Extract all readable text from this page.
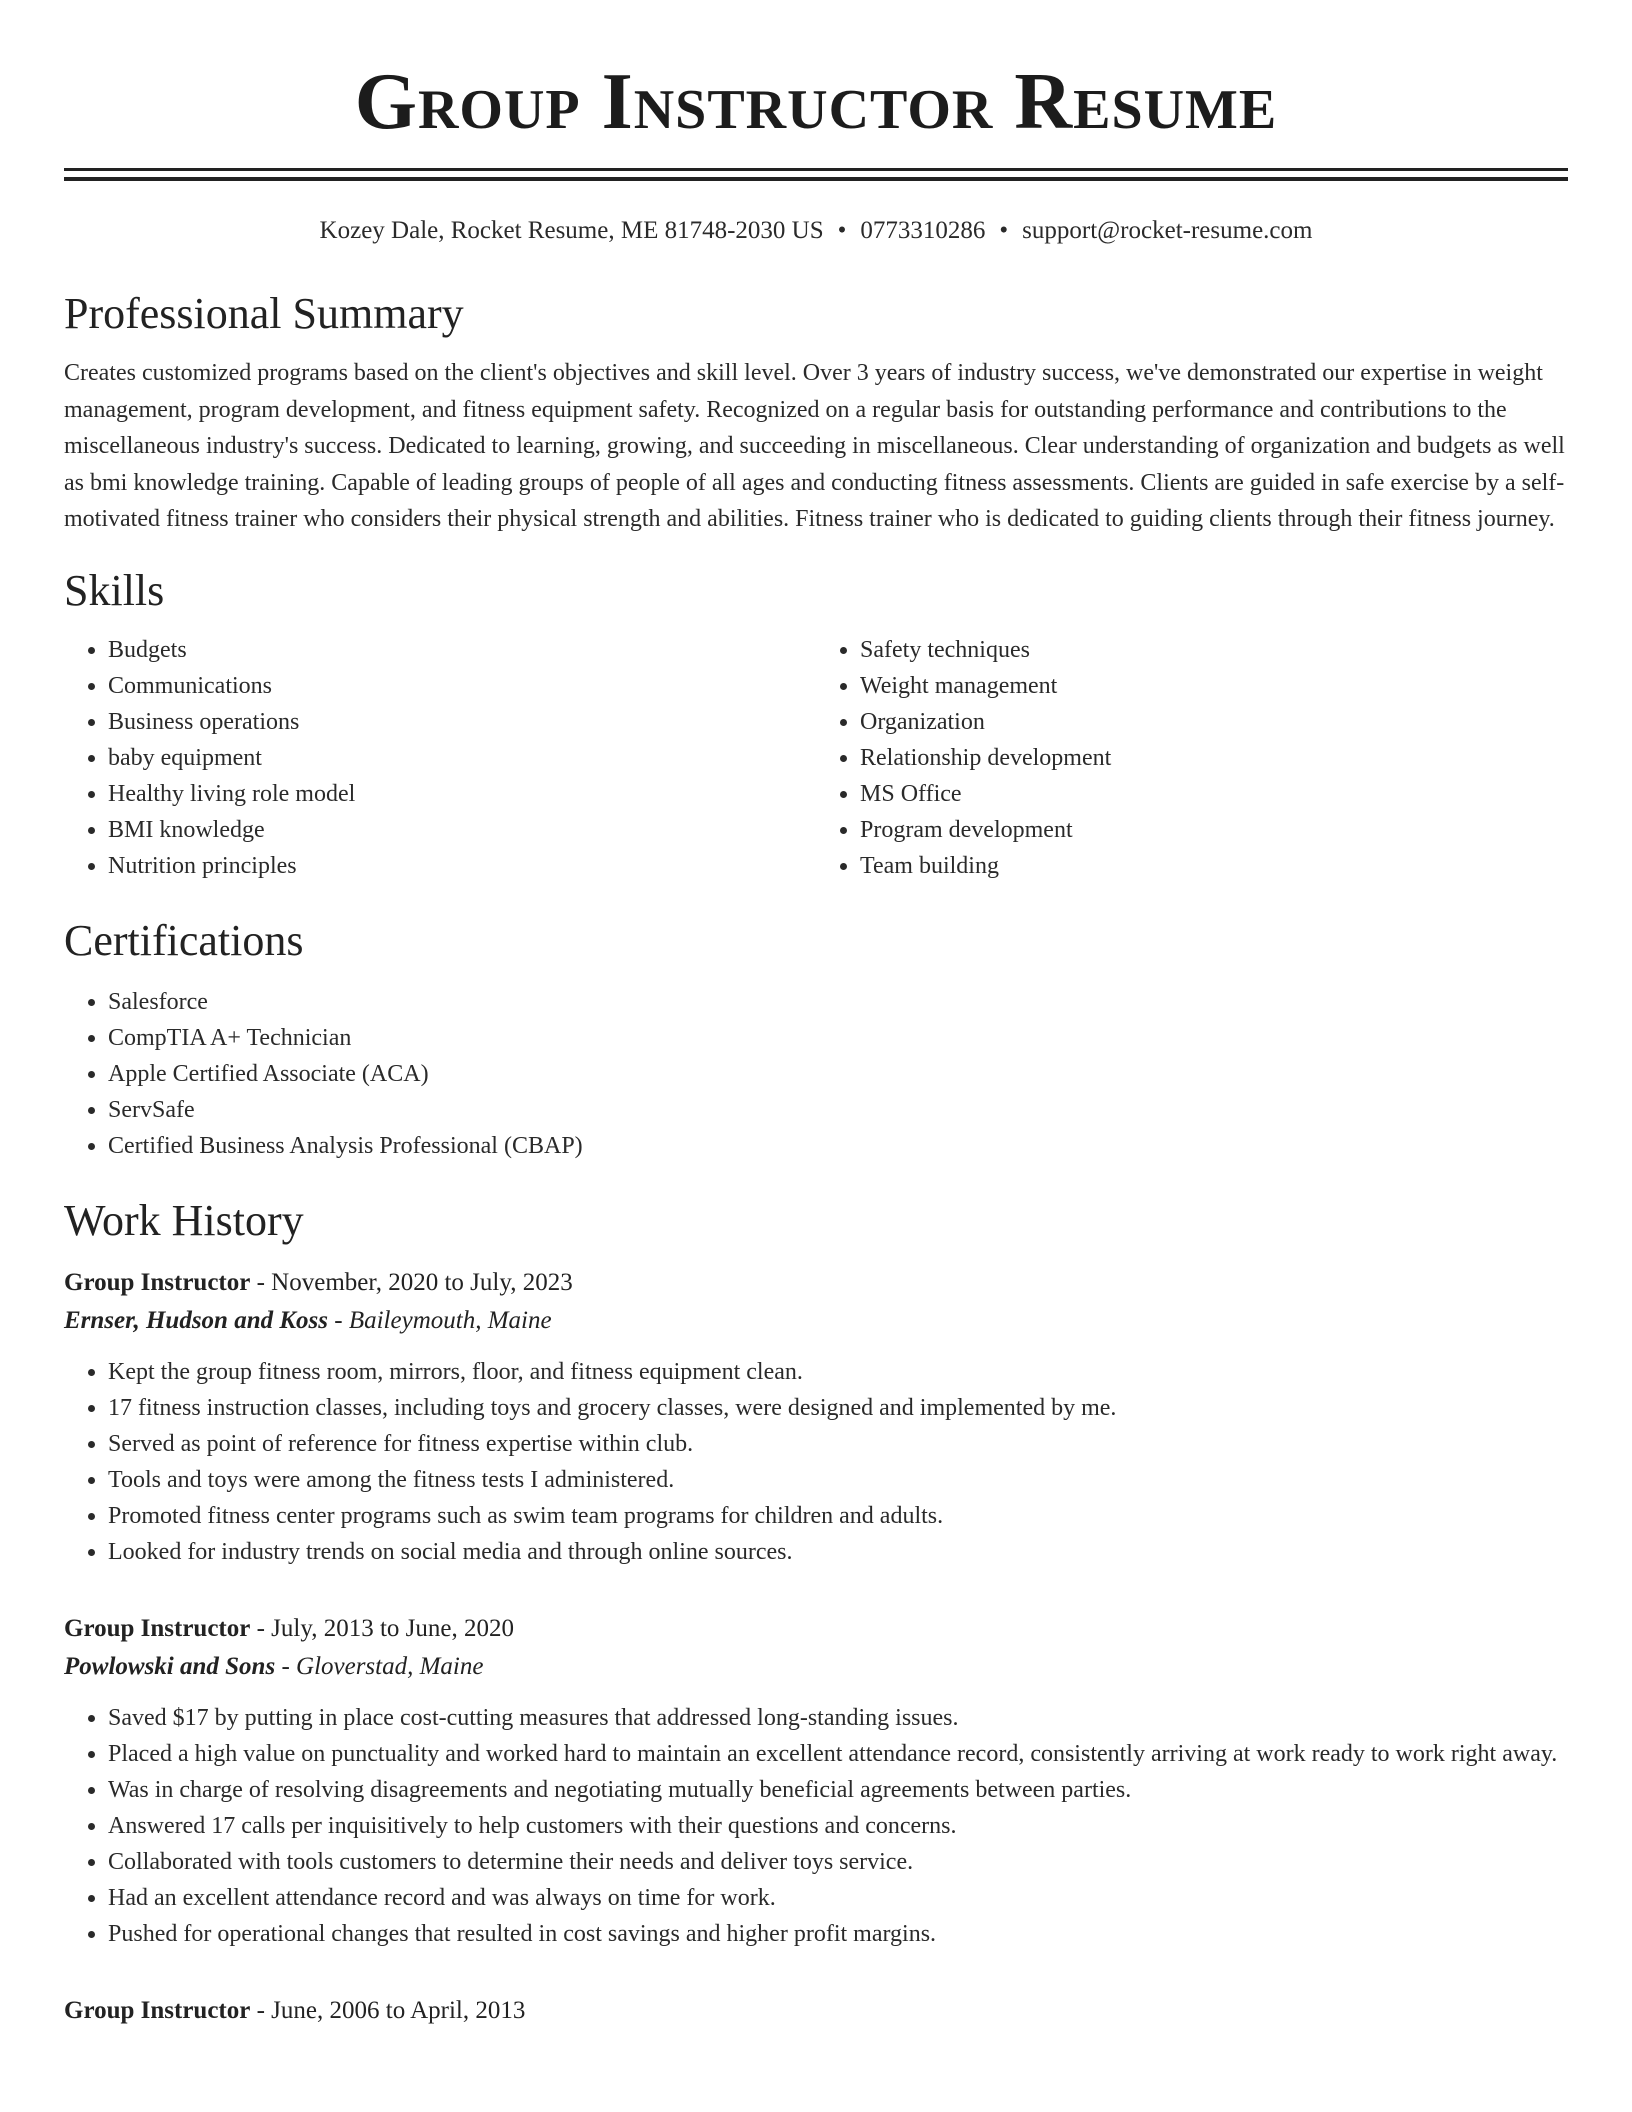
Group Instructor Resume
Kozey Dale, Rocket Resume, ME 81748-2030 US • 0773310286 • support@rocket-resume.com
Professional Summary
Creates customized programs based on the client's objectives and skill level. Over 3 years of industry success, we've demonstrated our expertise in weight management, program development, and fitness equipment safety. Recognized on a regular basis for outstanding performance and contributions to the miscellaneous industry's success. Dedicated to learning, growing, and succeeding in miscellaneous. Clear understanding of organization and budgets as well as bmi knowledge training. Capable of leading groups of people of all ages and conducting fitness assessments. Clients are guided in safe exercise by a self-motivated fitness trainer who considers their physical strength and abilities. Fitness trainer who is dedicated to guiding clients through their fitness journey.
Skills
• Budgets
• Communications
• Business operations
• baby equipment
• Healthy living role model
• BMI knowledge
• Nutrition principles
• Safety techniques
• Weight management
• Organization
• Relationship development
• MS Office
• Program development
• Team building
Certifications
• Salesforce
• CompTIA A+ Technician
• Apple Certified Associate (ACA)
• ServSafe
• Certified Business Analysis Professional (CBAP)
Work History
Group Instructor - November, 2020 to July, 2023
Ernser, Hudson and Koss - Baileymouth, Maine
• Kept the group fitness room, mirrors, floor, and fitness equipment clean.
• 17 fitness instruction classes, including toys and grocery classes, were designed and implemented by me.
• Served as point of reference for fitness expertise within club.
• Tools and toys were among the fitness tests I administered.
• Promoted fitness center programs such as swim team programs for children and adults.
• Looked for industry trends on social media and through online sources.
Group Instructor - July, 2013 to June, 2020
Powlowski and Sons - Gloverstad, Maine
• Saved $17 by putting in place cost-cutting measures that addressed long-standing issues.
• Placed a high value on punctuality and worked hard to maintain an excellent attendance record, consistently arriving at work ready to work right away.
• Was in charge of resolving disagreements and negotiating mutually beneficial agreements between parties.
• Answered 17 calls per inquisitively to help customers with their questions and concerns.
• Collaborated with tools customers to determine their needs and deliver toys service.
• Had an excellent attendance record and was always on time for work.
• Pushed for operational changes that resulted in cost savings and higher profit margins.
Group Instructor - June, 2006 to April, 2013
